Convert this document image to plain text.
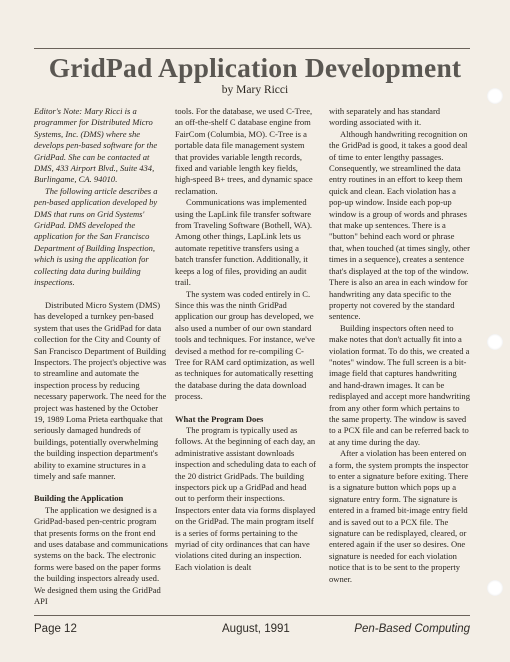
GridPad Application Development
by Mary Ricci

Editor's Note: Mary Ricci is a programmer for Distributed Micro Systems, Inc. (DMS) where she develops pen-based software for the GridPad. She can be contacted at DMS, 433 Airport Blvd., Suite 434, Burlingame, CA. 94010.

The following article describes a pen-based application developed by DMS that runs on Grid Systems' GridPad. DMS developed the application for the San Francisco Department of Building Inspection, which is using the application for collecting data during building inspections.

Distributed Micro System (DMS) has developed a turnkey pen-based system that uses the GridPad for data collection for the City and County of San Francisco Department of Building Inspectors. The project's objective was to streamline and automate the inspection process by reducing necessary paperwork. The need for the project was hastened by the October 19, 1989 Loma Prieta earthquake that seriously damaged hundreds of buildings, potentially overwhelming the building inspection department's ability to examine structures in a timely and safe manner.

Building the Application

The application we designed is a GridPad-based pen-centric program that presents forms on the front end and uses database and communications systems on the back. The electronic forms were based on the paper forms the building inspectors already used. We designed them using the GridPad API

tools. For the database, we used C-Tree, an off-the-shelf C database engine from FairCom (Columbia, MO). C-Tree is a portable data file management system that provides variable length records, fixed and variable length key fields, high-speed B+ trees, and dynamic space reclamation.

Communications was implemented using the LapLink file transfer software from Traveling Software (Bothell, WA). Among other things, LapLink lets us automate repetitive transfers using a batch transfer function. Additionally, it keeps a log of files, providing an audit trail.

The system was coded entirely in C. Since this was the ninth GridPad application our group has developed, we also used a number of our own standard tools and techniques. For instance, we've devised a method for re-compiling C-Tree for RAM card optimization, as well as techniques for automatically resetting the database during the data download process.

What the Program Does

The program is typically used as follows. At the beginning of each day, an administrative assistant downloads inspection and scheduling data to each of the 20 district GridPads. The building inspectors pick up a GridPad and head out to perform their inspections. Inspectors enter data via forms displayed on the GridPad. The main program itself is a series of forms pertaining to the myriad of city ordinances that can have violations cited during an inspection. Each violation is dealt

with separately and has standard wording associated with it.

Although handwriting recognition on the GridPad is good, it takes a good deal of time to enter lengthy passages. Consequently, we streamlined the data entry routines in an effort to keep them quick and clean. Each violation has a pop-up window. Inside each pop-up window is a group of words and phrases that make up sentences. There is a "button" behind each word or phrase that, when touched (at times singly, other times in a sequence), creates a sentence that's displayed at the top of the window. There is also an area in each window for handwriting any data specific to the property not covered by the standard sentence.

Building inspectors often need to make notes that don't actually fit into a violation format. To do this, we created a "notes" window. The full screen is a bit-image field that captures handwriting and hand-drawn images. It can be redisplayed and accept more handwriting from any other form which pertains to the same property. The window is saved to a PCX file and can be referred back to at any time during the day.

After a violation has been entered on a form, the system prompts the inspector to enter a signature before exiting. There is a signature button which pops up a signature entry form. The signature is entered in a framed bit-image entry field and is saved out to a PCX file. The signature can be redisplayed, cleared, or entered again if the user so desires. One signature is needed for each violation notice that is to be sent to the property owner.

Page 12	August, 1991	Pen-Based Computing
